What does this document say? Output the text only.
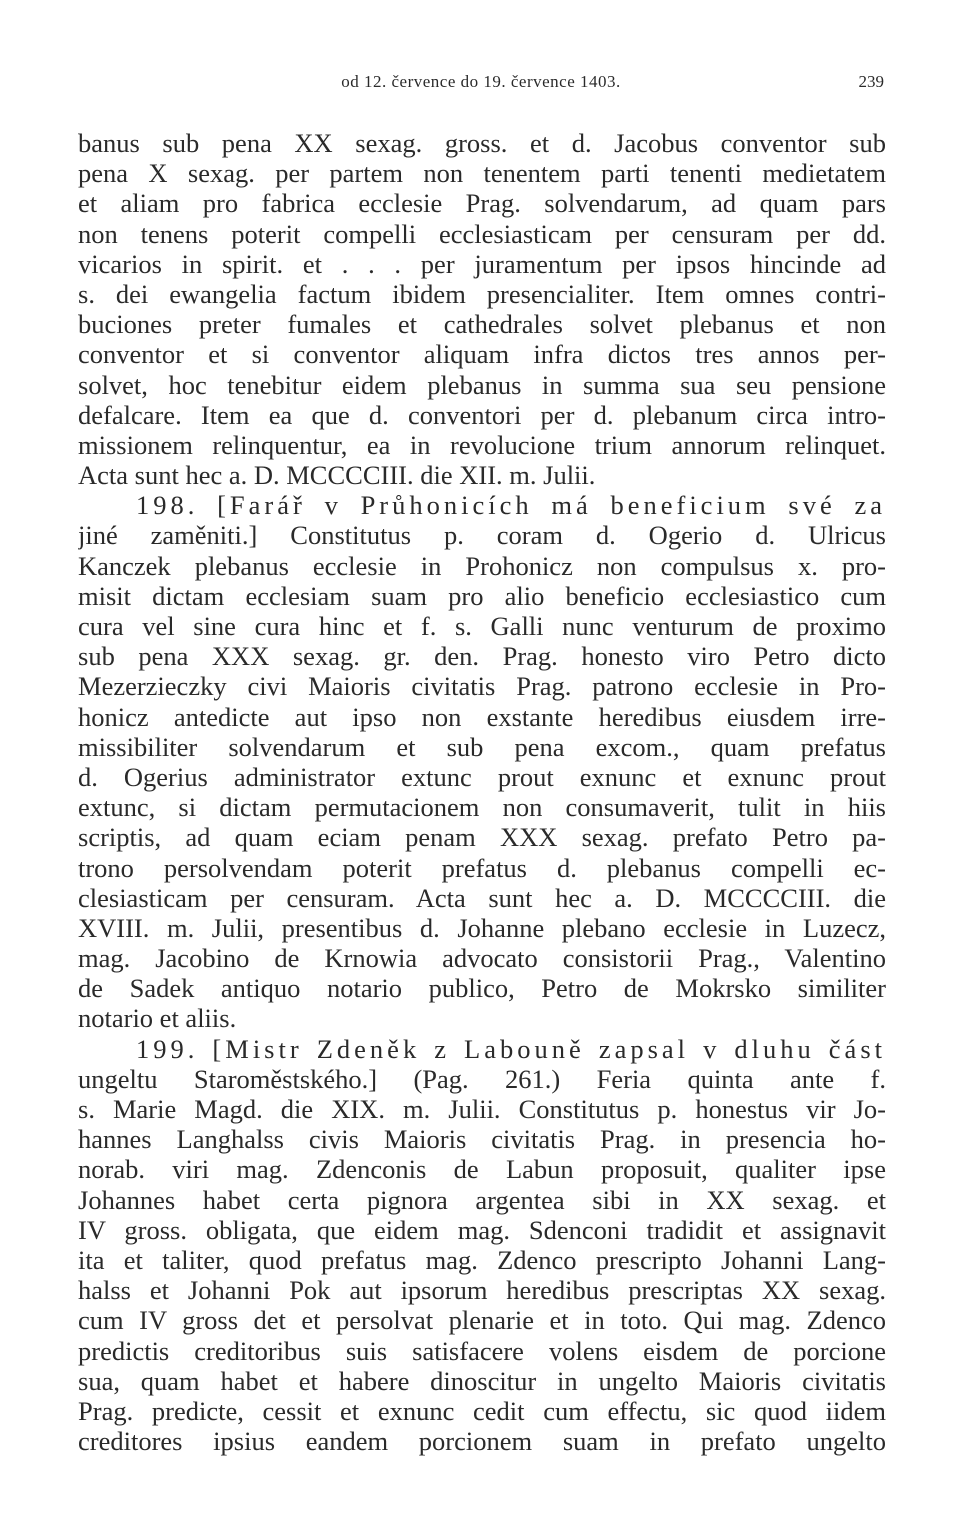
od 12. července do 19. července 1403.	239
banus sub pena XX sexag. gross. et d. Jacobus conventor sub
pena X sexag. per partem non tenentem parti tenenti medietatem
et aliam pro fabrica ecclesie Prag. solvendarum, ad quam pars
non tenens poterit compelli ecclesiasticam per censuram per dd.
vicarios in spirit. et . . . per juramentum per ipsos hincinde ad
s. dei ewangelia factum ibidem presencialiter. Item omnes contri-
buciones preter fumales et cathedrales solvet plebanus et non
conventor et si conventor aliquam infra dictos tres annos per-
solvet, hoc tenebitur eidem plebanus in summa sua seu pensione
defalcare. Item ea que d. conventori per d. plebanum circa intro-
missionem relinquentur, ea in revolucione trium annorum relinquet.
Acta sunt hec a. D. MCCCCIII. die XII. m. Julii.
198. [Farář v Průhonicích má beneficium své za
jiné zaměniti.] Constitutus p. coram d. Ogerio d. Ulricus
Kanczek plebanus ecclesie in Prohonicz non compulsus x. pro-
misit dictam ecclesiam suam pro alio beneficio ecclesiastico cum
cura vel sine cura hinc et f. s. Galli nunc venturum de proximo
sub pena XXX sexag. gr. den. Prag. honesto viro Petro dicto
Mezerzieczky civi Maioris civitatis Prag. patrono ecclesie in Pro-
honicz antedicte aut ipso non exstante heredibus eiusdem irre-
missibiliter solvendarum et sub pena excom., quam prefatus
d. Ogerius administrator extunc prout exnunc et exnunc prout
extunc, si dictam permutacionem non consumaverit, tulit in hiis
scriptis, ad quam eciam penam XXX sexag. prefato Petro pa-
trono persolvendam poterit prefatus d. plebanus compelli ec-
clesiasticam per censuram. Acta sunt hec a. D. MCCCCIII. die
XVIII. m. Julii, presentibus d. Johanne plebano ecclesie in Luzecz,
mag. Jacobino de Krnowia advocato consistorii Prag., Valentino
de Sadek antiquo notario publico, Petro de Mokrsko similiter
notario et aliis.
199. [Mistr Zdeněk z Labouně zapsal v dluhu část
ungeltu Staroměstského.] (Pag. 261.) Feria quinta ante f.
s. Marie Magd. die XIX. m. Julii. Constitutus p. honestus vir Jo-
hannes Langhalss civis Maioris civitatis Prag. in presencia ho-
norab. viri mag. Zdenconis de Labun proposuit, qualiter ipse
Johannes habet certa pignora argentea sibi in XX sexag. et
IV gross. obligata, que eidem mag. Sdenconi tradidit et assignavit
ita et taliter, quod prefatus mag. Zdenco prescripto Johanni Lang-
halss et Johanni Pok aut ipsorum heredibus prescriptas XX sexag.
cum IV gross det et persolvat plenarie et in toto. Qui mag. Zdenco
predictis creditoribus suis satisfacere volens eisdem de porcione
sua, quam habet et habere dinoscitur in ungelto Maioris civitatis
Prag. predicte, cessit et exnunc cedit cum effectu, sic quod iidem
creditores ipsius eandem porcionem suam in prefato ungelto
